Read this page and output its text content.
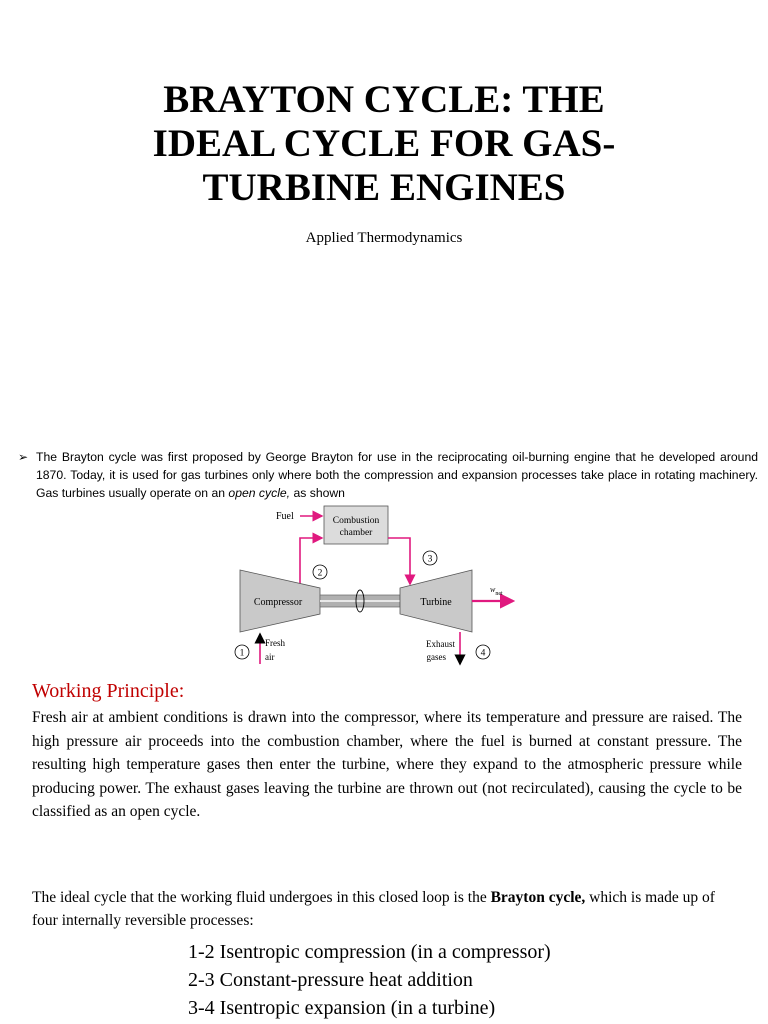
BRAYTON CYCLE: THE
IDEAL CYCLE FOR GAS-
TURBINE ENGINES
Applied Thermodynamics
➢ The Brayton cycle was first proposed by George Brayton for use in the reciprocating oil-burning engine that he developed around 1870. Today, it is used for gas turbines only where both the compression and expansion processes take place in rotating machinery. Gas turbines usually operate on an open cycle, as shown
Fuel	Combustion
chamber
2
3
Compressor	Turbine
$w_{net}$
1
Fresh
air
Exhaust
gases	4
Working Principle:

Fresh air at ambient conditions is drawn into the compressor, where its temperature and pressure are raised. The high pressure air proceeds into the combustion chamber, where the fuel is burned at constant pressure. The resulting high temperature gases then enter the turbine, where they expand to the atmospheric pressure while producing power. The exhaust gases leaving the turbine are thrown out (not recirculated), causing the cycle to be classified as an open cycle.

The ideal cycle that the working fluid undergoes in this closed loop is the Brayton cycle, which is made up of four internally reversible processes:

1-2 Isentropic compression (in a compressor)
2-3 Constant-pressure heat addition
3-4 Isentropic expansion (in a turbine)
